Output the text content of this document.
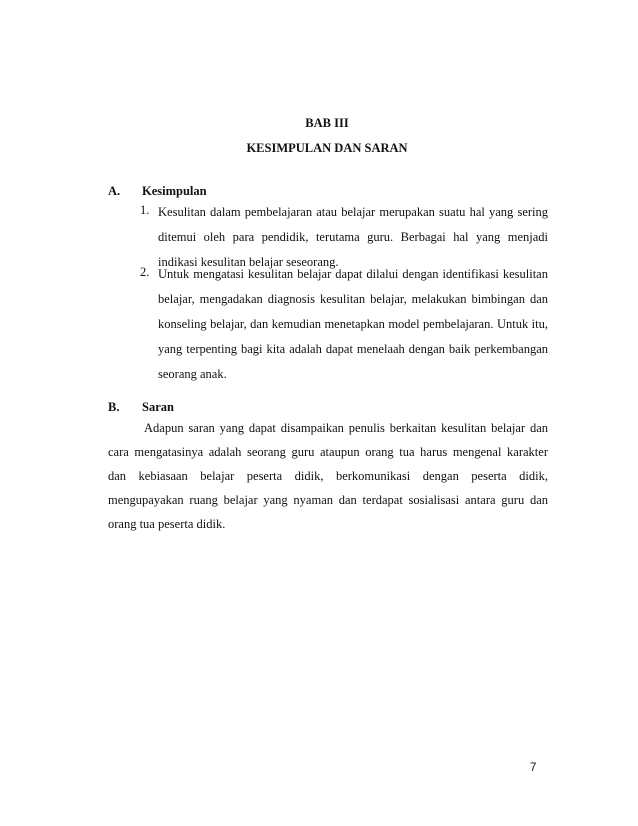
BAB III
KESIMPULAN DAN SARAN
A. Kesimpulan
1. Kesulitan dalam pembelajaran atau belajar merupakan suatu hal yang sering
ditemui oleh para pendidik, terutama guru. Berbagai hal yang menjadi
indikasi kesulitan belajar seseorang.
2. Untuk mengatasi kesulitan belajar dapat dilalui dengan identifikasi kesulitan
belajar, mengadakan diagnosis kesulitan belajar, melakukan bimbingan dan
konseling belajar, dan kemudian menetapkan model pembelajaran. Untuk itu,
yang terpenting bagi kita adalah dapat menelaah dengan baik perkembangan
seorang anak.
B. Saran
Adapun saran yang dapat disampaikan penulis berkaitan kesulitan belajar dan
cara mengatasinya adalah seorang guru ataupun orang tua harus mengenal karakter
dan kebiasaan belajar peserta didik, berkomunikasi dengan peserta didik,
mengupayakan ruang belajar yang nyaman dan terdapat sosialisasi antara guru dan
orang tua peserta didik.
7
